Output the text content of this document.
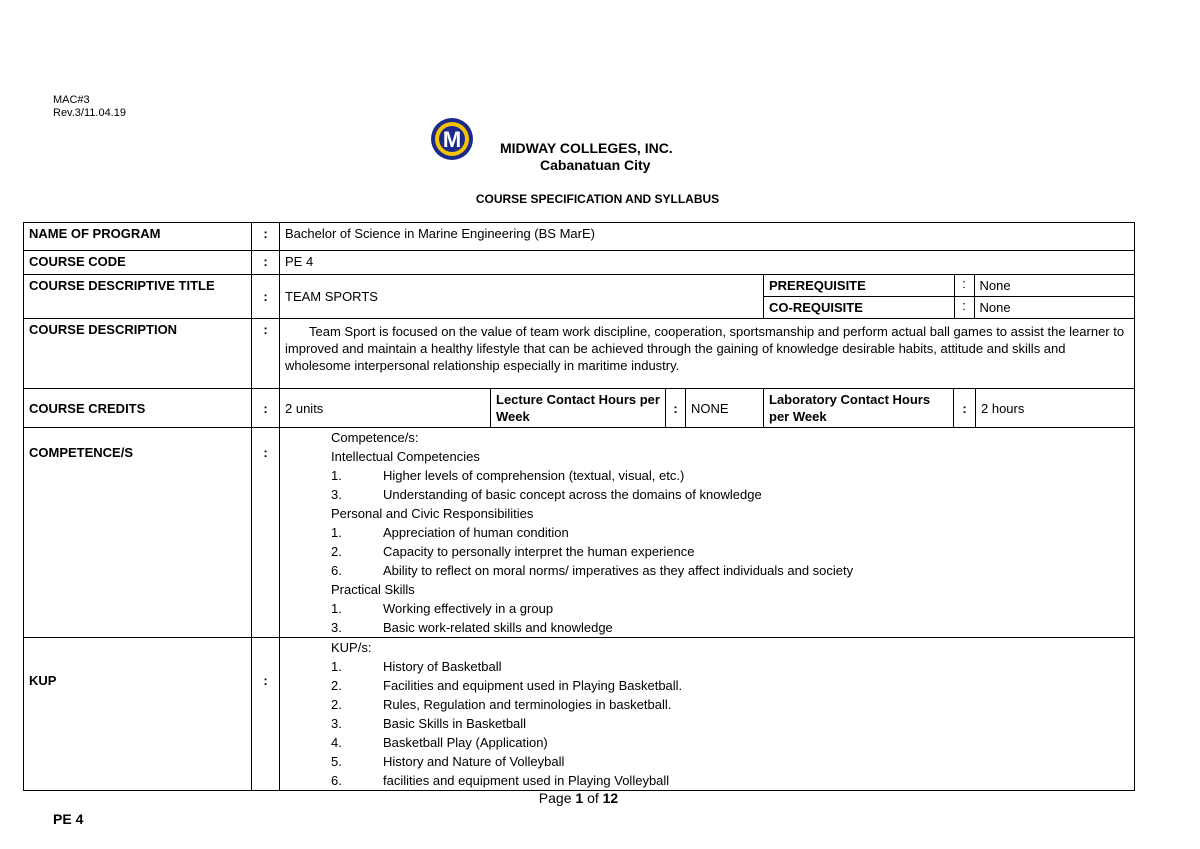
MAC#3
Rev.3/11.04.19
M	MIDWAY COLLEGES, INC.
Cabanatuan City
COURSE SPECIFICATION AND SYLLABUS
NAME OF PROGRAM	:	Bachelor of Science in Marine Engineering (BS MarE)
COURSE CODE	:	PE 4
COURSE DESCRIPTIVE TITLE	:	TEAM SPORTS	
PREREQUISITE	:	None
CO-REQUISITE	:	None

COURSE DESCRIPTION	:	Team Sport is focused on the value of team work discipline, cooperation, sportsmanship and perform actual ball games to assist the learner to improved and maintain a healthy lifestyle that can be achieved through the gaining of knowledge desirable habits, attitude and skills and wholesome interpersonal relationship especially in maritime industry.
COURSE CREDITS	:	2 units	Lecture Contact Hours per Week	:	NONE	Laboratory Contact Hours per Week	:	2 hours
COMPETENCE/S	:	
Competence/s:
Intellectual Competencies
1.	Higher levels of comprehension (textual, visual, etc.)
3.	Understanding of basic concept across the domains of knowledge
Personal and Civic Responsibilities
1.	Appreciation of human condition
2.	Capacity to personally interpret the human experience
6.	Ability to reflect on moral norms/ imperatives as they affect individuals and society
Practical Skills
1.	Working effectively in a group
3.	Basic work-related skills and knowledge

KUP	:	
KUP/s:
1.	History of Basketball
2.	Facilities and equipment used in Playing Basketball.
2.	Rules, Regulation and terminologies in basketball.
3.	Basic Skills in Basketball
4.	Basketball Play (Application)
5.	History and Nature of Volleyball
6.	facilities and equipment used in Playing Volleyball
Page 1 of 12
PE 4
